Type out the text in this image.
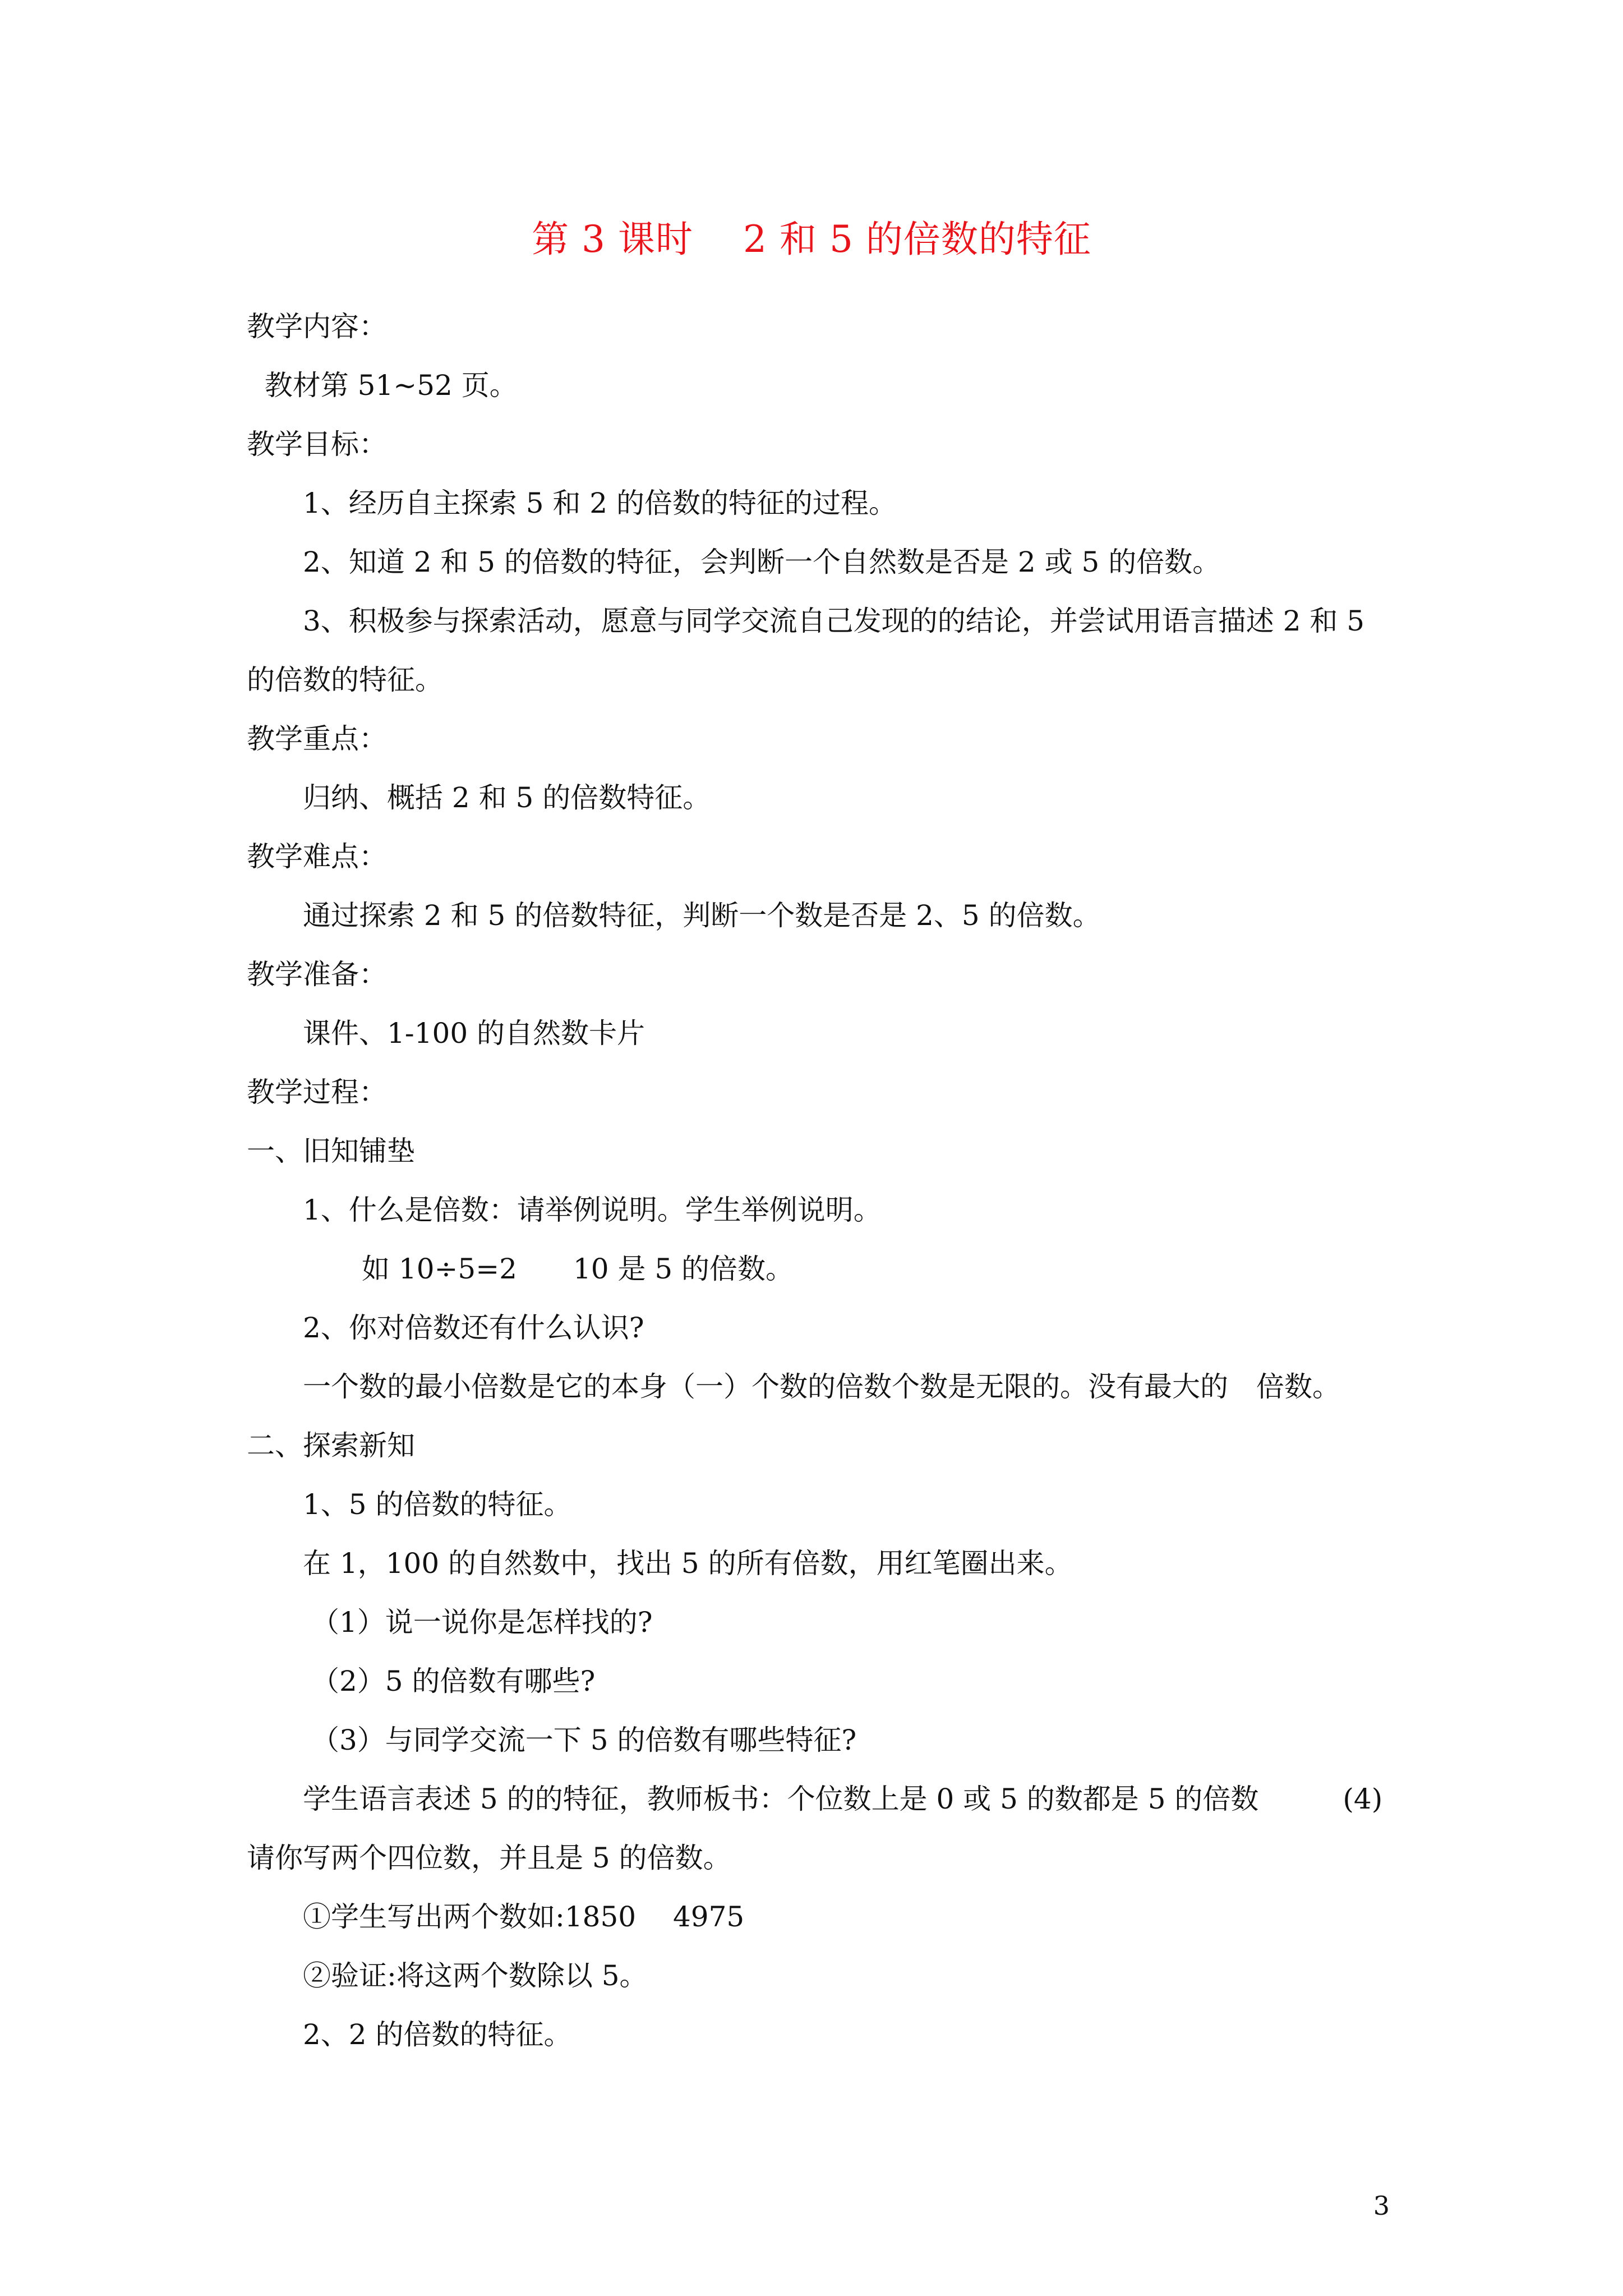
第 3 课时　 2 和 5 的倍数的特征
教学内容：
教材第 51~52 页。
教学目标：
1、经历自主探索 5 和 2 的倍数的特征的过程。
2、知道 2 和 5 的倍数的特征，会判断一个自然数是否是 2 或 5 的倍数。
3、积极参与探索活动，愿意与同学交流自己发现的的结论，并尝试用语言描述 2 和 5
的倍数的特征。
教学重点：
归纳、概括 2 和 5 的倍数特征。
教学难点：
通过探索 2 和 5 的倍数特征，判断一个数是否是 2、5 的倍数。
教学准备：
课件、1-100 的自然数卡片
教学过程：
一、旧知铺垫
1、什么是倍数：请举例说明。学生举例说明。
如 10÷5=2　　10 是 5 的倍数。
2、你对倍数还有什么认识?
一个数的最小倍数是它的本身（一）个数的倍数个数是无限的。没有最大的　倍数。
二、探索新知
1、5 的倍数的特征。
在 1，100 的自然数中，找出 5 的所有倍数，用红笔圈出来。
（1）说一说你是怎样找的?
（2）5 的倍数有哪些?
（3）与同学交流一下 5 的倍数有哪些特征?
学生语言表述 5 的的特征，教师板书：个位数上是 0 或 5 的数都是 5 的倍数　　　(4)
请你写两个四位数，并且是 5 的倍数。
①学生写出两个数如:1850　 4975
②验证:将这两个数除以 5。
2、2 的倍数的特征。
3
